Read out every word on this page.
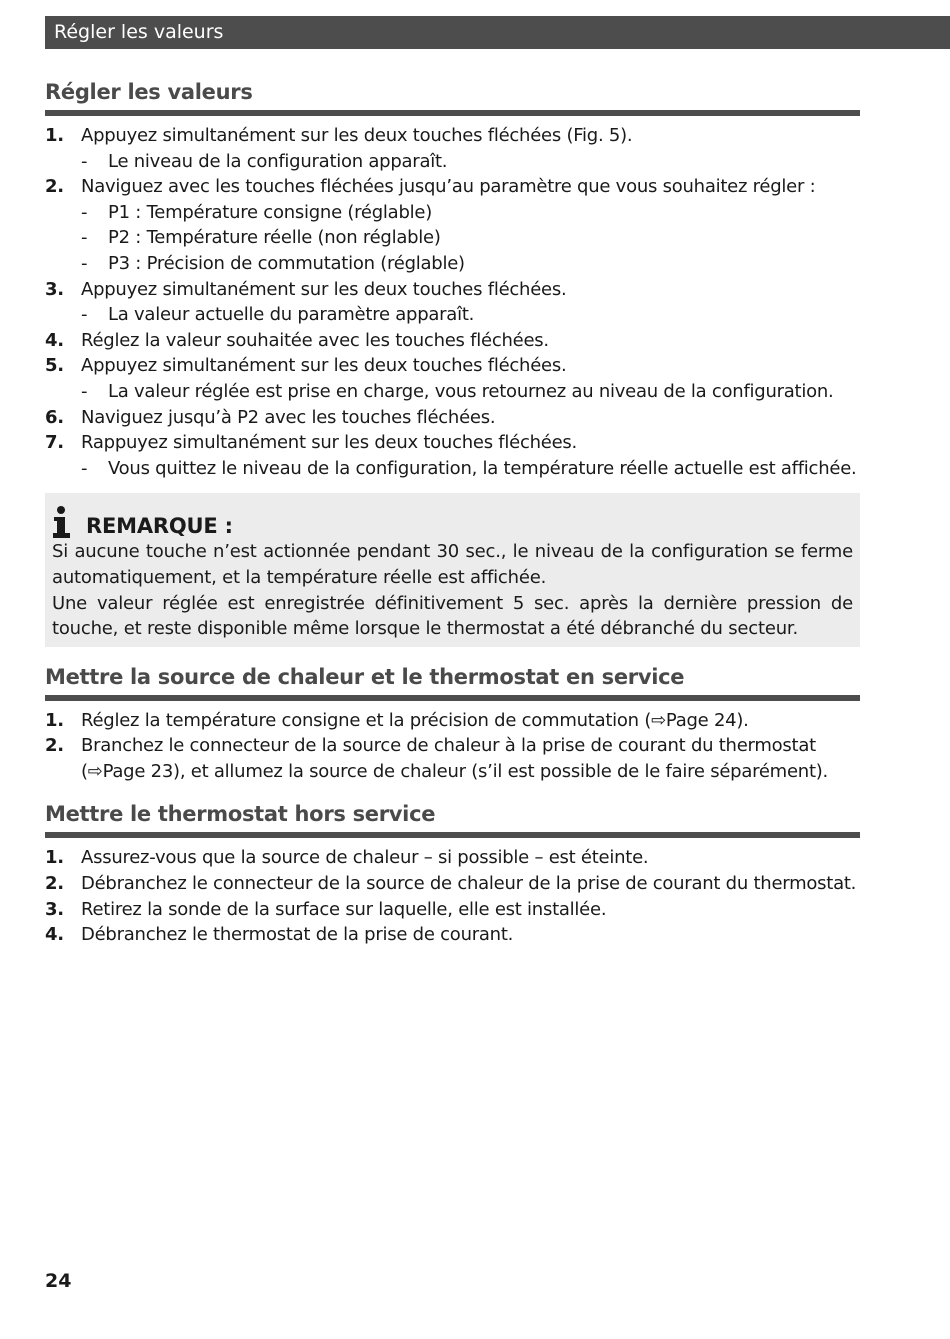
Régler les valeurs
Régler les valeurs
1. Appuyez simultanément sur les deux touches fléchées (Fig. 5).
- Le niveau de la configuration apparaît.
2. Naviguez avec les touches fléchées jusqu’au paramètre que vous souhaitez régler :
- P1 : Température consigne (réglable)
- P2 : Température réelle (non réglable)
- P3 : Précision de commutation (réglable)
3. Appuyez simultanément sur les deux touches fléchées.
- La valeur actuelle du paramètre apparaît.
4. Réglez la valeur souhaitée avec les touches fléchées.
5. Appuyez simultanément sur les deux touches fléchées.
- La valeur réglée est prise en charge, vous retournez au niveau de la configuration.
6. Naviguez jusqu’à P2 avec les touches fléchées.
7. Rappuyez simultanément sur les deux touches fléchées.
- Vous quittez le niveau de la configuration, la température réelle actuelle est affichée.
REMARQUE :

Si aucune touche n’est actionnée pendant 30 sec., le niveau de la configuration se ferme automatiquement, et la température réelle est affichée.

Une valeur réglée est enregistrée définitivement 5 sec. après la dernière pression de touche, et reste disponible même lorsque le thermostat a été débranché du secteur.

Mettre la source de chaleur et le thermostat en service
1. Réglez la température consigne et la précision de commutation (⇨Page 24).
2. Branchez le connecteur de la source de chaleur à la prise de courant du thermostat (⇨Page 23), et allumez la source de chaleur (s’il est possible de le faire séparément).
Mettre le thermostat hors service
1. Assurez-vous que la source de chaleur – si possible – est éteinte.
2. Débranchez le connecteur de la source de chaleur de la prise de courant du thermostat.
3. Retirez la sonde de la surface sur laquelle, elle est installée.
4. Débranchez le thermostat de la prise de courant.
24
